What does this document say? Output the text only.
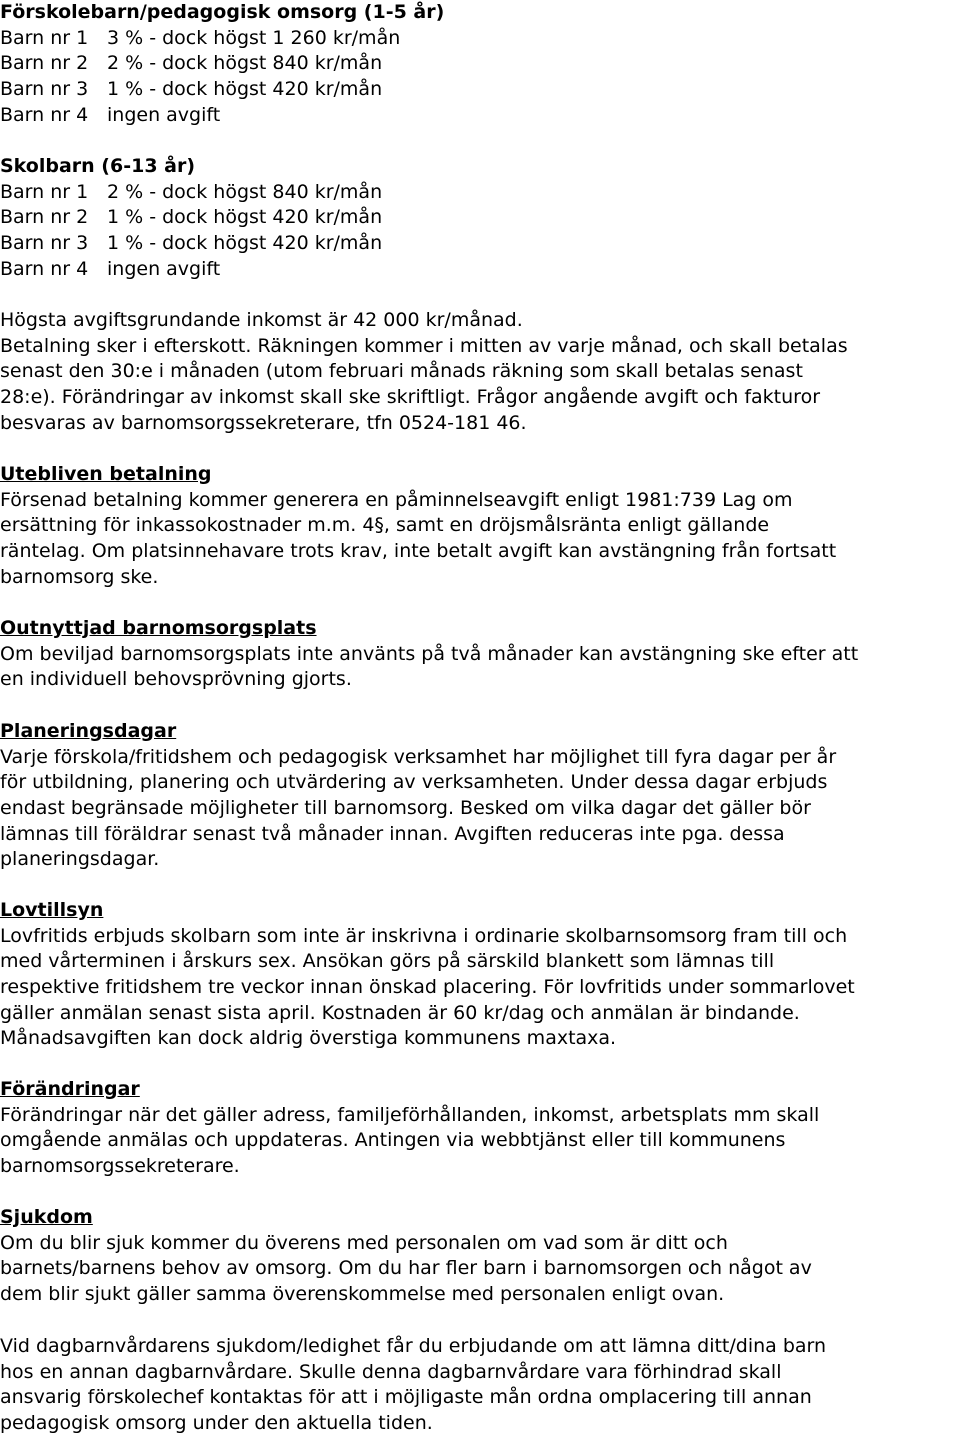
Förskolebarn/pedagogisk omsorg (1-5 år)
Barn nr 1 3 % - dock högst 1 260 kr/mån
Barn nr 2 2 % - dock högst 840 kr/mån
Barn nr 3 1 % - dock högst 420 kr/mån
Barn nr 4 ingen avgift
Skolbarn (6-13 år)
Barn nr 1 2 % - dock högst 840 kr/mån
Barn nr 2 1 % - dock högst 420 kr/mån
Barn nr 3 1 % - dock högst 420 kr/mån
Barn nr 4 ingen avgift
Högsta avgiftsgrundande inkomst är 42 000 kr/månad.
Betalning sker i efterskott. Räkningen kommer i mitten av varje månad, och skall betalas
senast den 30:e i månaden (utom februari månads räkning som skall betalas senast
28:e). Förändringar av inkomst skall ske skriftligt. Frågor angående avgift och fakturor
besvaras av barnomsorgssekreterare, tfn 0524-181 46.
Utebliven betalning
Försenad betalning kommer generera en påminnelseavgift enligt 1981:739 Lag om
ersättning för inkassokostnader m.m. 4§, samt en dröjsmålsränta enligt gällande
räntelag. Om platsinnehavare trots krav, inte betalt avgift kan avstängning från fortsatt
barnomsorg ske.
Outnyttjad barnomsorgsplats
Om beviljad barnomsorgsplats inte använts på två månader kan avstängning ske efter att
en individuell behovsprövning gjorts.
Planeringsdagar
Varje förskola/fritidshem och pedagogisk verksamhet har möjlighet till fyra dagar per år
för utbildning, planering och utvärdering av verksamheten. Under dessa dagar erbjuds
endast begränsade möjligheter till barnomsorg. Besked om vilka dagar det gäller bör
lämnas till föräldrar senast två månader innan. Avgiften reduceras inte pga. dessa
planeringsdagar.
Lovtillsyn
Lovfritids erbjuds skolbarn som inte är inskrivna i ordinarie skolbarnsomsorg fram till och
med vårterminen i årskurs sex. Ansökan görs på särskild blankett som lämnas till
respektive fritidshem tre veckor innan önskad placering. För lovfritids under sommarlovet
gäller anmälan senast sista april. Kostnaden är 60 kr/dag och anmälan är bindande.
Månadsavgiften kan dock aldrig överstiga kommunens maxtaxa.
Förändringar
Förändringar när det gäller adress, familjeförhållanden, inkomst, arbetsplats mm skall
omgående anmälas och uppdateras. Antingen via webbtjänst eller till kommunens
barnomsorgssekreterare.
Sjukdom
Om du blir sjuk kommer du överens med personalen om vad som är ditt och
barnets/barnens behov av omsorg. Om du har fler barn i barnomsorgen och något av
dem blir sjukt gäller samma överenskommelse med personalen enligt ovan.
Vid dagbarnvårdarens sjukdom/ledighet får du erbjudande om att lämna ditt/dina barn
hos en annan dagbarnvårdare. Skulle denna dagbarnvårdare vara förhindrad skall
ansvarig förskolechef kontaktas för att i möjligaste mån ordna omplacering till annan
pedagogisk omsorg under den aktuella tiden.
